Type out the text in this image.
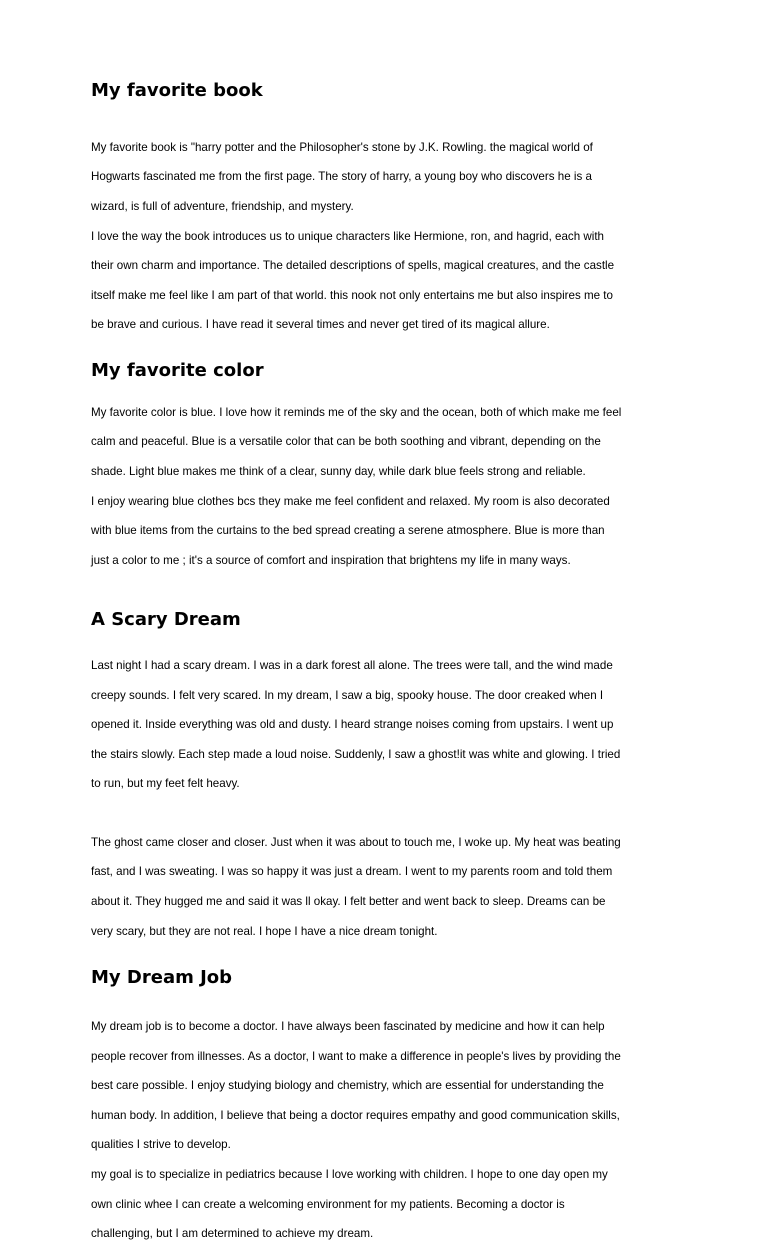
My favorite book

My favorite book is "harry potter and the Philosopher's stone by J.K. Rowling. the magical world of

Hogwarts fascinated me from the first page. The story of harry, a young boy who discovers he is a

wizard, is full of adventure, friendship, and mystery.

I love the way the book introduces us to unique characters like Hermione, ron, and hagrid, each with

their own charm and importance. The detailed descriptions of spells, magical creatures, and the castle

itself make me feel like I am part of that world. this nook not only entertains me but also inspires me to

be brave and curious. I have read it several times and never get tired of its magical allure.

My favorite color

My favorite color is blue. I love how it reminds me of the sky and the ocean, both of which make me feel

calm and peaceful. Blue is a versatile color that can be both soothing and vibrant, depending on the

shade. Light blue makes me think of a clear, sunny day, while dark blue feels strong and reliable.

I enjoy wearing blue clothes bcs they make me feel confident and relaxed. My room is also decorated

with blue items from the curtains to the bed spread creating a serene atmosphere. Blue is more than

just a color to me ; it's a source of comfort and inspiration that brightens my life in many ways.

A Scary Dream

Last night I had a scary dream. I was in a dark forest all alone. The trees were tall, and the wind made

creepy sounds. I felt very scared. In my dream, I saw a big, spooky house. The door creaked when I

opened it. Inside everything was old and dusty. I heard strange noises coming from upstairs. I went up

the stairs slowly. Each step made a loud noise. Suddenly, I saw a ghost!it was white and glowing. I tried

to run, but my feet felt heavy.

The ghost came closer and closer. Just when it was about to touch me, I woke up. My heat was beating

fast, and I was sweating. I was so happy it was just a dream. I went to my parents room and told them

about it. They hugged me and said it was ll okay. I felt better and went back to sleep. Dreams can be

very scary, but they are not real. I hope I have a nice dream tonight.

My Dream Job

My dream job is to become a doctor. I have always been fascinated by medicine and how it can help

people recover from illnesses. As a doctor, I want to make a difference in people's lives by providing the

best care possible. I enjoy studying biology and chemistry, which are essential for understanding the

human body. In addition, I believe that being a doctor requires empathy and good communication skills,

qualities I strive to develop.

my goal is to specialize in pediatrics because I love working with children. I hope to one day open my

own clinic whee I can create a welcoming environment for my patients. Becoming a doctor is

challenging, but I am determined to achieve my dream.
